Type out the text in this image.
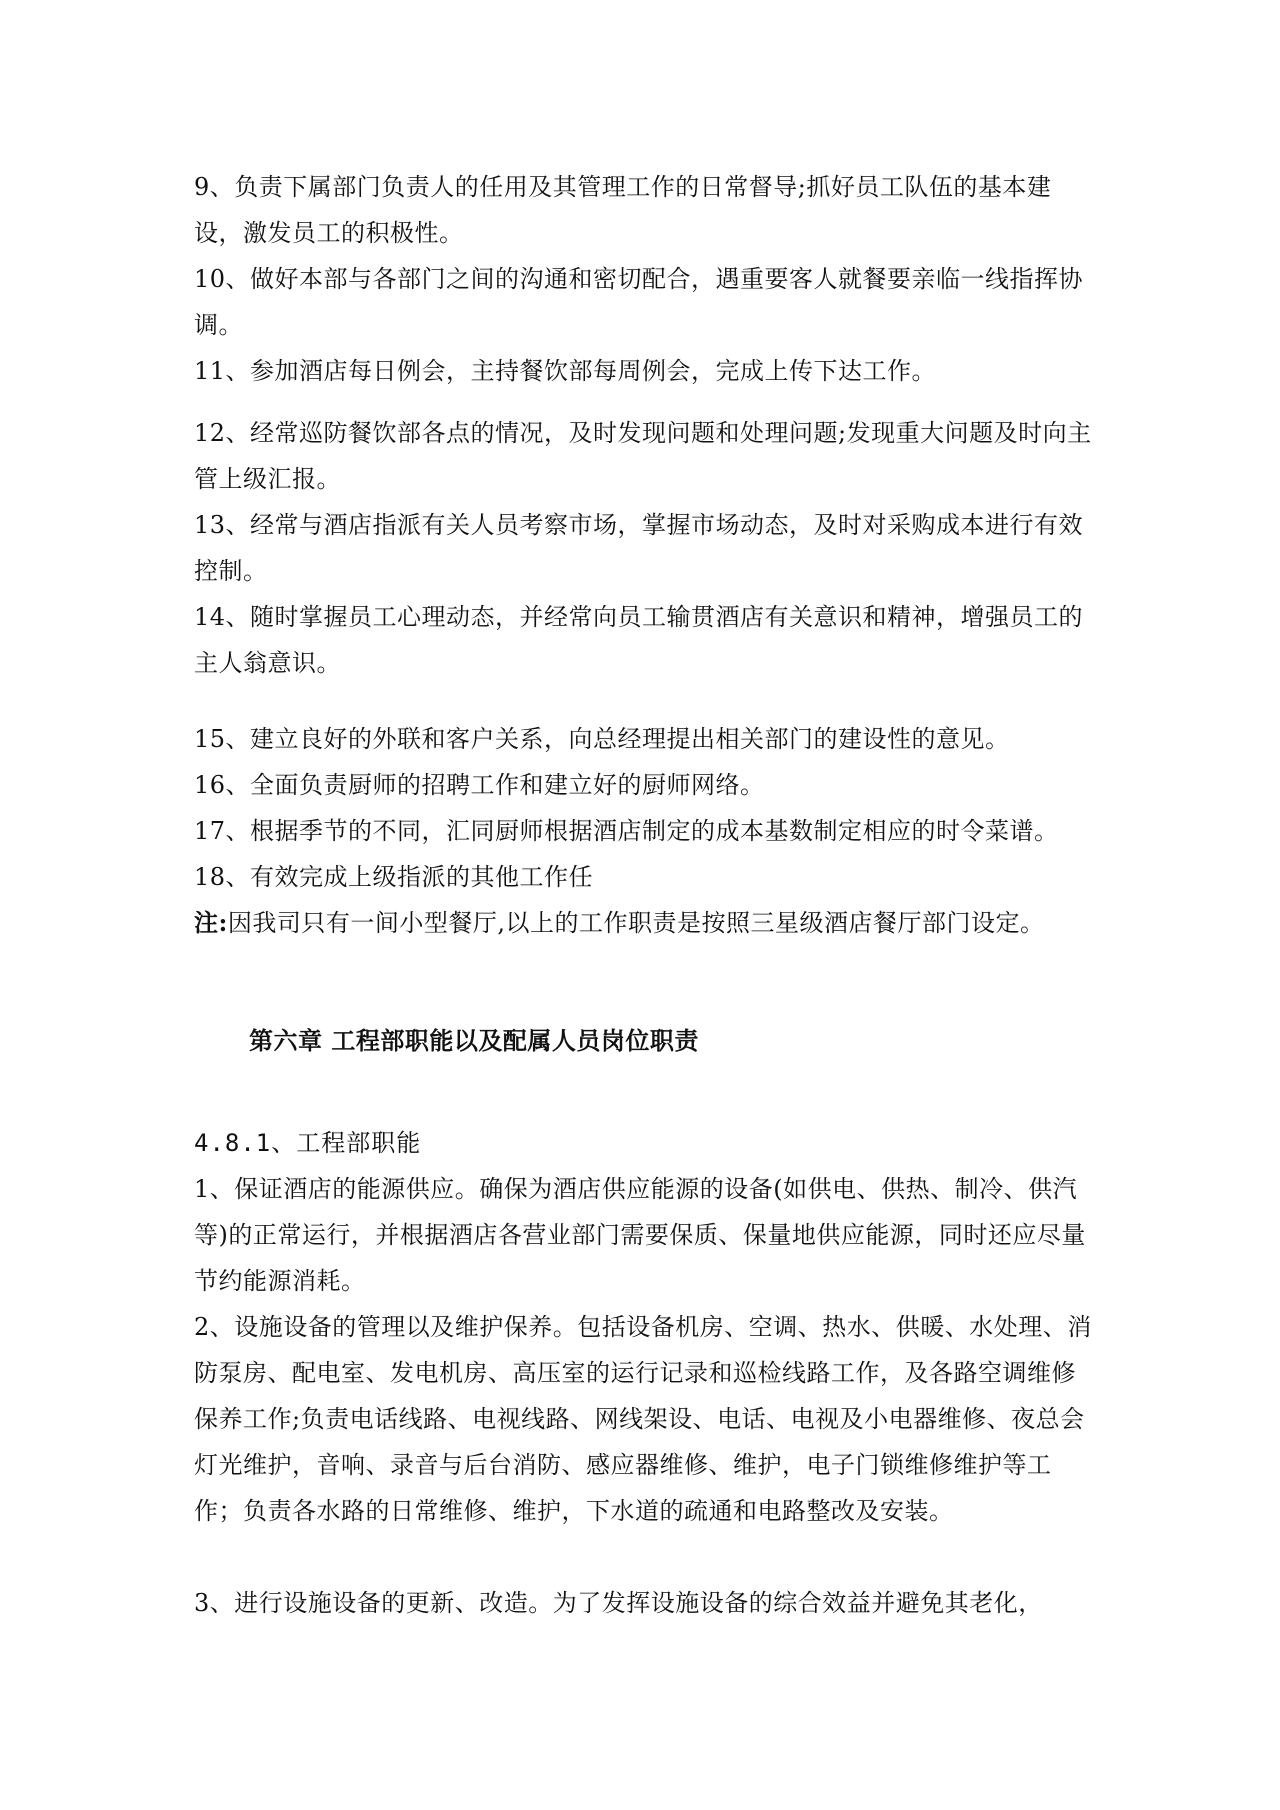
9、负责下属部门负责人的任用及其管理工作的日常督导;抓好员工队伍的基本建设，激发员工的积极性。

10、做好本部与各部门之间的沟通和密切配合，遇重要客人就餐要亲临一线指挥协调。

11、参加酒店每日例会，主持餐饮部每周例会，完成上传下达工作。

12、经常巡防餐饮部各点的情况，及时发现问题和处理问题;发现重大问题及时向主管上级汇报。

13、经常与酒店指派有关人员考察市场，掌握市场动态，及时对采购成本进行有效控制。

14、随时掌握员工心理动态，并经常向员工输贯酒店有关意识和精神，增强员工的主人翁意识。

15、建立良好的外联和客户关系，向总经理提出相关部门的建设性的意见。

16、全面负责厨师的招聘工作和建立好的厨师网络。

17、根据季节的不同，汇同厨师根据酒店制定的成本基数制定相应的时令菜谱。

18、有效完成上级指派的其他工作任

注:因我司只有一间小型餐厅,以上的工作职责是按照三星级酒店餐厅部门设定。

第六章 工程部职能以及配属人员岗位职责

4.8.1、工程部职能

1、保证酒店的能源供应。确保为酒店供应能源的设备(如供电、供热、制冷、供汽等)的正常运行，并根据酒店各营业部门需要保质、保量地供应能源，同时还应尽量节约能源消耗。

2、设施设备的管理以及维护保养。包括设备机房、空调、热水、供暖、水处理、消防泵房、配电室、发电机房、高压室的运行记录和巡检线路工作，及各路空调维修保养工作;负责电话线路、电视线路、网线架设、电话、电视及小电器维修、夜总会灯光维护，音响、录音与后台消防、感应器维修、维护，电子门锁维修维护等工作；负责各水路的日常维修、维护，下水道的疏通和电路整改及安装。

3、进行设施设备的更新、改造。为了发挥设施设备的综合效益并避免其老化，
